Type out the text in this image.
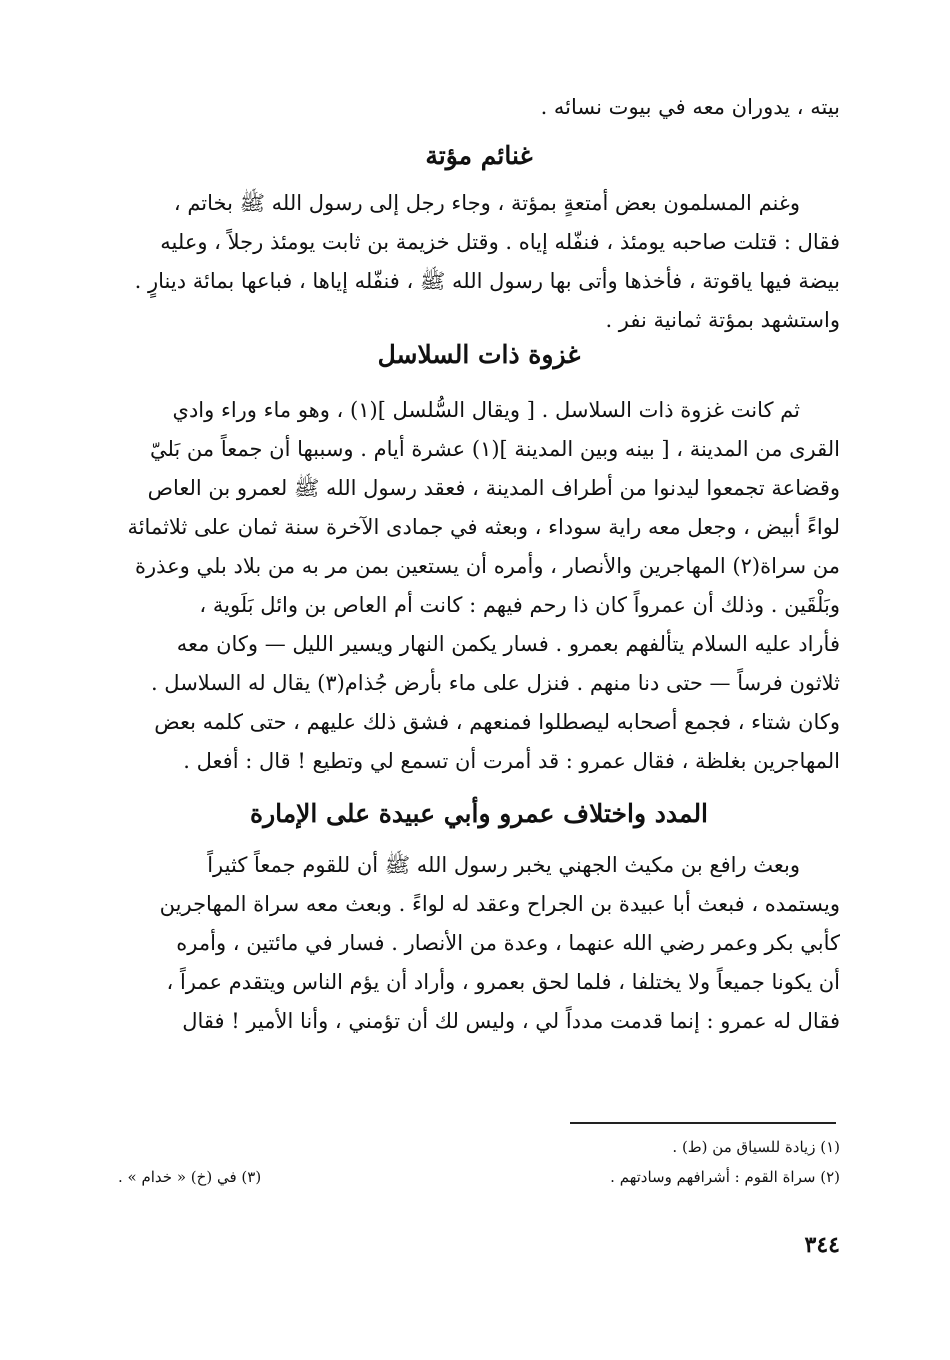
بيته ، يدوران معه في بيوت نسائه .
غنائم مؤتة
وغنم المسلمون بعض أمتعةٍ بمؤتة ، وجاء رجل إلى رسول الله ﷺ بخاتم ،
فقال : قتلت صاحبه يومئذ ، فنفّله إياه . وقتل خزيمة بن ثابت يومئذ رجلاً ، وعليه
بيضة فيها ياقوتة ، فأخذها وأتى بها رسول الله ﷺ ، فنفّله إياها ، فباعها بمائة دينارٍ .
واستشهد بمؤتة ثمانية نفر .
غزوة ذات السلاسل
ثم كانت غزوة ذات السلاسل . [ ويقال السُّلسل ](١) ، وهو ماء وراء وادي
القرى من المدينة ، [ بينه وبين المدينة ](١) عشرة أيام . وسببها أن جمعاً من بَليّ
وقضاعة تجمعوا ليدنوا من أطراف المدينة ، فعقد رسول الله ﷺ لعمرو بن العاص
لواءً أبيض ، وجعل معه راية سوداء ، وبعثه في جمادى الآخرة سنة ثمان على ثلاثمائة
من سراة(٢) المهاجرين والأنصار ، وأمره أن يستعين بمن مر به من بلاد بلي وعذرة
وبَلْقَين . وذلك أن عمرواً كان ذا رحم فيهم : كانت أم العاص بن وائل بَلَوية ،
فأراد عليه السلام يتألفهم بعمرو . فسار يكمن النهار ويسير الليل — وكان معه
ثلاثون فرساً — حتى دنا منهم . فنزل على ماء بأرض جُذام(٣) يقال له السلاسل .
وكان شتاء ، فجمع أصحابه ليصطلوا فمنعهم ، فشق ذلك عليهم ، حتى كلمه بعض
المهاجرين بغلظة ، فقال عمرو : قد أمرت أن تسمع لي وتطيع ! قال : أفعل .
المدد واختلاف عمرو وأبي عبيدة على الإمارة
وبعث رافع بن مكيث الجهني يخبر رسول الله ﷺ أن للقوم جمعاً كثيراً
ويستمده ، فبعث أبا عبيدة بن الجراح وعقد له لواءً . وبعث معه سراة المهاجرين
كأبي بكر وعمر رضي الله عنهما ، وعدة من الأنصار . فسار في مائتين ، وأمره
أن يكونا جميعاً ولا يختلفا ، فلما لحق بعمرو ، وأراد أن يؤم الناس ويتقدم عمراً ،
فقال له عمرو : إنما قدمت مدداً لي ، وليس لك أن تؤمني ، وأنا الأمير ! فقال
(١) زيادة للسياق من (ط) .
(٢) سراة القوم : أشرافهم وسادتهم .
(٣) في (خ) « خدام » .
٣٤٤
